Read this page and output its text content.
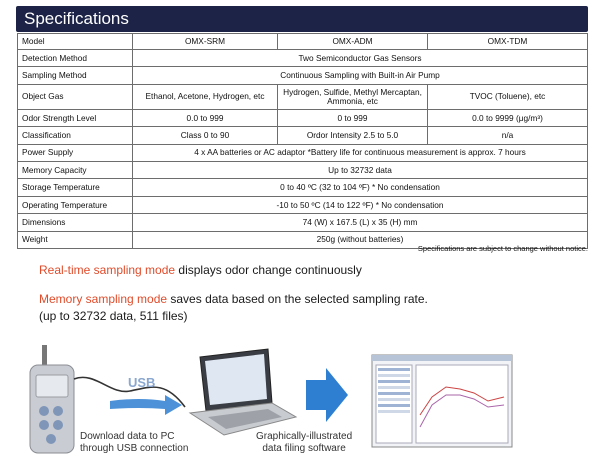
Specifications
Model	OMX-SRM	OMX-ADM	OMX-TDM
Detection Method	Two Semiconductor Gas Sensors		
Sampling Method	Continuous Sampling with Built-in Air Pump		
Object Gas	Ethanol, Acetone, Hydrogen, etc	Hydrogen, Sulfide, Methyl Mercaptan, Ammonia, etc	TVOC (Toluene), etc
Odor Strength Level	0.0 to 999	0 to 999	0.0 to 9999 (μg/m³)
Classification	Class 0 to 90	Ordor Intensity 2.5 to 5.0	n/a
Power Supply	4 x AA batteries or AC adaptor *Battery life for continuous measurement is approx. 7 hours		
Memory Capacity	Up to 32732 data		
Storage Temperature	0 to 40 ºC (32 to 104 ºF) * No condensation		
Operating Temperature	-10 to 50 ºC (14 to 122 ºF) * No condensation		
Dimensions	74 (W) x 167.5 (L) x 35 (H) mm		
Weight	250g (without batteries)		
Specifications are subject to change without notice.
Real-time sampling mode displays odor change continuously
Memory sampling mode saves data based on the selected sampling rate.
(up to 32732 data, 511 files)
USB
Download data to PC
through USB connection
Graphically-illustrated
data filing software
